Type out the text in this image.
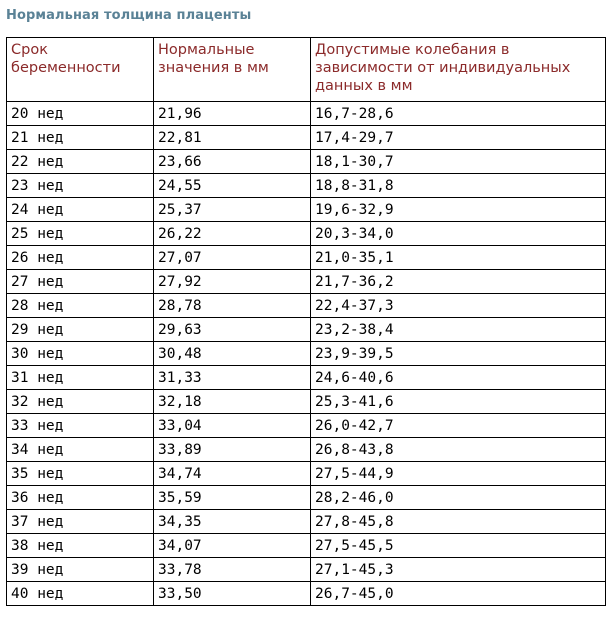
Нормальная толщина плаценты
Срок беременности	Нормальные значения в мм	Допустимые колебания в зависимости от индивидуальных данных в мм
20 нед	21,96	16,7-28,6
21 нед	22,81	17,4-29,7
22 нед	23,66	18,1-30,7
23 нед	24,55	18,8-31,8
24 нед	25,37	19,6-32,9
25 нед	26,22	20,3-34,0
26 нед	27,07	21,0-35,1
27 нед	27,92	21,7-36,2
28 нед	28,78	22,4-37,3
29 нед	29,63	23,2-38,4
30 нед	30,48	23,9-39,5
31 нед	31,33	24,6-40,6
32 нед	32,18	25,3-41,6
33 нед	33,04	26,0-42,7
34 нед	33,89	26,8-43,8
35 нед	34,74	27,5-44,9
36 нед	35,59	28,2-46,0
37 нед	34,35	27,8-45,8
38 нед	34,07	27,5-45,5
39 нед	33,78	27,1-45,3
40 нед	33,50	26,7-45,0
